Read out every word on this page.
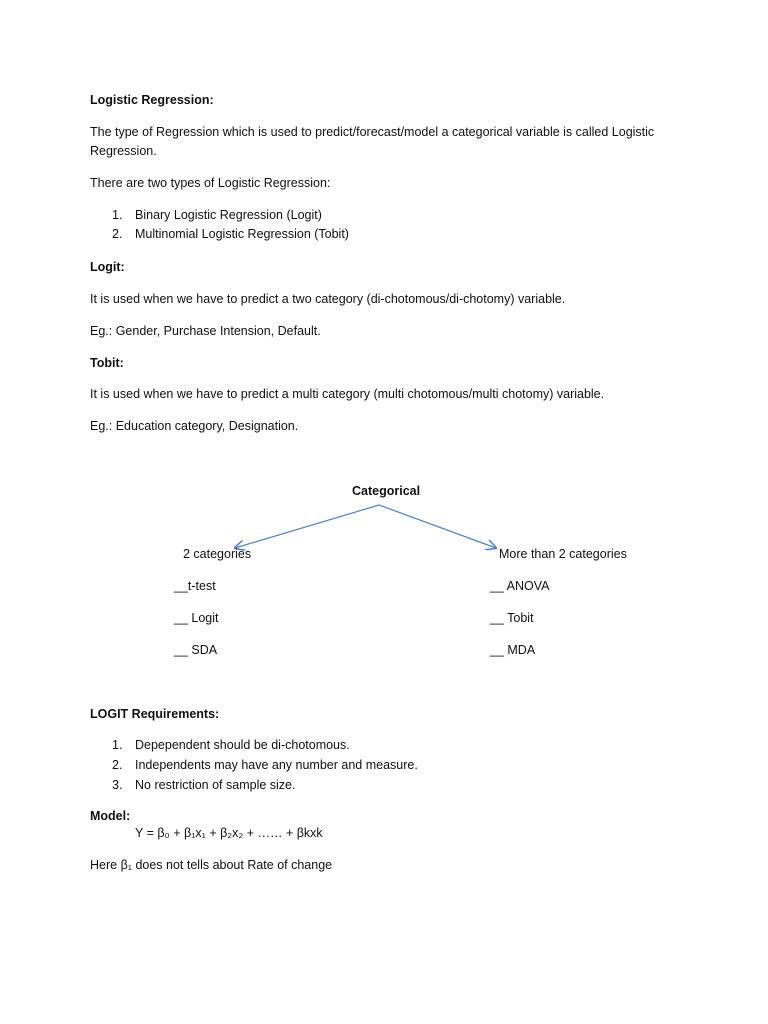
Logistic Regression:
The type of Regression which is used to predict/forecast/model a categorical variable is called Logistic
Regression.
There are two types of Logistic Regression:
1. Binary Logistic Regression (Logit)
2. Multinomial Logistic Regression (Tobit)
Logit:
It is used when we have to predict a two category (di-chotomous/di-chotomy) variable.
Eg.: Gender, Purchase Intension, Default.
Tobit:
It is used when we have to predict a multi category (multi chotomous/multi chotomy) variable.
Eg.: Education category, Designation.
Categorical
2 categories	More than 2 categories
__t-test
__ Logit
__ SDA
__ ANOVA
__ Tobit
__ MDA
LOGIT Requirements:
1. Depependent should be di-chotomous.
2. Independents may have any number and measure.
3. No restriction of sample size.
Model:
Y = β₀ + β₁x₁ + β₂x₂ + …… + βkxk
Here β₁ does not tells about Rate of change
